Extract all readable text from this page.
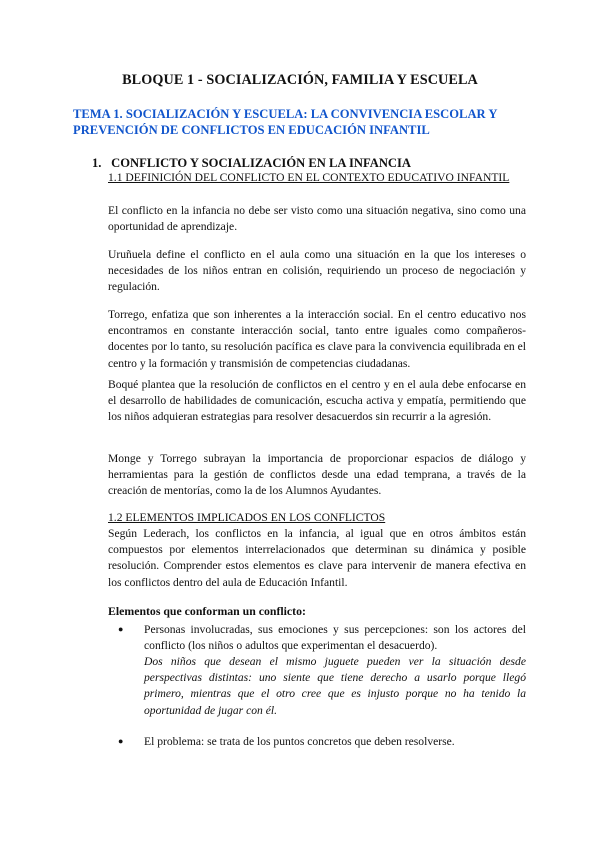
BLOQUE 1 - SOCIALIZACIÓN, FAMILIA Y ESCUELA
TEMA 1. SOCIALIZACIÓN Y ESCUELA: LA CONVIVENCIA ESCOLAR Y PREVENCIÓN DE CONFLICTOS EN EDUCACIÓN INFANTIL
1. CONFLICTO Y SOCIALIZACIÓN EN LA INFANCIA
1.1 DEFINICIÓN DEL CONFLICTO EN EL CONTEXTO EDUCATIVO INFANTIL
El conflicto en la infancia no debe ser visto como una situación negativa, sino como una oportunidad de aprendizaje.
Uruñuela define el conflicto en el aula como una situación en la que los intereses o necesidades de los niños entran en colisión, requiriendo un proceso de negociación y regulación.
Torrego, enfatiza que son inherentes a la interacción social. En el centro educativo nos encontramos en constante interacción social, tanto entre iguales como compañeros-docentes por lo tanto, su resolución pacífica es clave para la convivencia equilibrada en el centro y la formación y transmisión de competencias ciudadanas.
Boqué plantea que la resolución de conflictos en el centro y en el aula debe enfocarse en el desarrollo de habilidades de comunicación, escucha activa y empatía, permitiendo que los niños adquieran estrategias para resolver desacuerdos sin recurrir a la agresión.
Monge y Torrego subrayan la importancia de proporcionar espacios de diálogo y herramientas para la gestión de conflictos desde una edad temprana, a través de la creación de mentorías, como la de los Alumnos Ayudantes.
1.2 ELEMENTOS IMPLICADOS EN LOS CONFLICTOS
Según Lederach, los conflictos en la infancia, al igual que en otros ámbitos están compuestos por elementos interrelacionados que determinan su dinámica y posible resolución. Comprender estos elementos es clave para intervenir de manera efectiva en los conflictos dentro del aula de Educación Infantil.
Elementos que conforman un conflicto:
● Personas involucradas, sus emociones y sus percepciones: son los actores del conflicto (los niños o adultos que experimentan el desacuerdo).
Dos niños que desean el mismo juguete pueden ver la situación desde perspectivas distintas: uno siente que tiene derecho a usarlo porque llegó primero, mientras que el otro cree que es injusto porque no ha tenido la oportunidad de jugar con él.
● El problema: se trata de los puntos concretos que deben resolverse.
